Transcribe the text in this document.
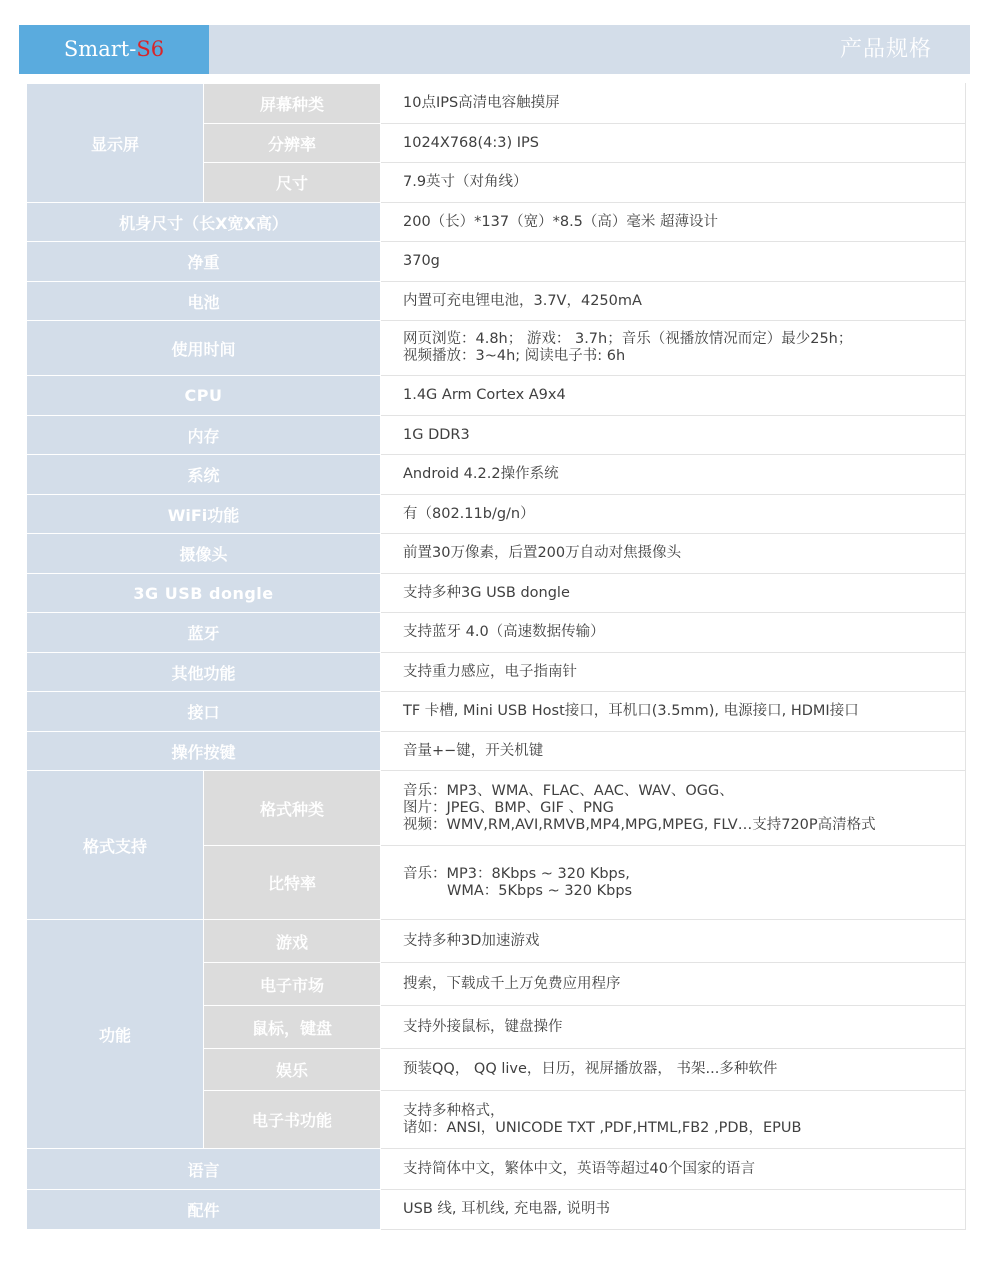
Smart-S6	产品规格
显示屏	屏幕种类	10点IPS高清电容触摸屏
	分辨率	1024X768(4:3) IPS
	尺寸	7.9英寸（对角线）
机身尺寸（长X宽X高）		200（长）*137（宽）*8.5（高）毫米 超薄设计
净重		370g
电池		内置可充电锂电池，3.7V，4250mA
使用时间		网页浏览：4.8h； 游戏： 3.7h；音乐（视播放情况而定）最少25h；
视频播放：3~4h; 阅读电子书: 6h

CPU		1.4G Arm Cortex A9x4
内存		1G DDR3
系统		Android 4.2.2操作系统
WiFi功能		有（802.11b/g/n）
摄像头		前置30万像素，后置200万自动对焦摄像头
3G USB dongle		支持多种3G USB dongle
蓝牙		支持蓝牙 4.0（高速数据传输）
其他功能		支持重力感应，电子指南针
接口		TF 卡槽, Mini USB Host接口，耳机口(3.5mm), 电源接口, HDMI接口
操作按键		音量+−键，开关机键
格式支持	格式种类	音乐：MP3、WMA、FLAC、AAC、WAV、OGG、
图片：JPEG、BMP、GIF 、PNG
视频：WMV,RM,AVI,RMVB,MP4,MPG,MPEG, FLV…支持720P高清格式

	比特率	音乐：MP3：8Kbps ~ 320 Kbps,
WMA：5Kbps ~ 320 Kbps

功能	游戏	支持多种3D加速游戏
	电子市场	搜索，下载成千上万免费应用程序
	鼠标，键盘	支持外接鼠标，键盘操作
	娱乐	预装QQ， QQ live，日历，视屏播放器， 书架...多种软件
	电子书功能	支持多种格式，
诸如：ANSI，UNICODE TXT ,PDF,HTML,FB2 ,PDB，EPUB

语言		支持简体中文，繁体中文，英语等超过40个国家的语言
配件		USB 线, 耳机线, 充电器, 说明书
